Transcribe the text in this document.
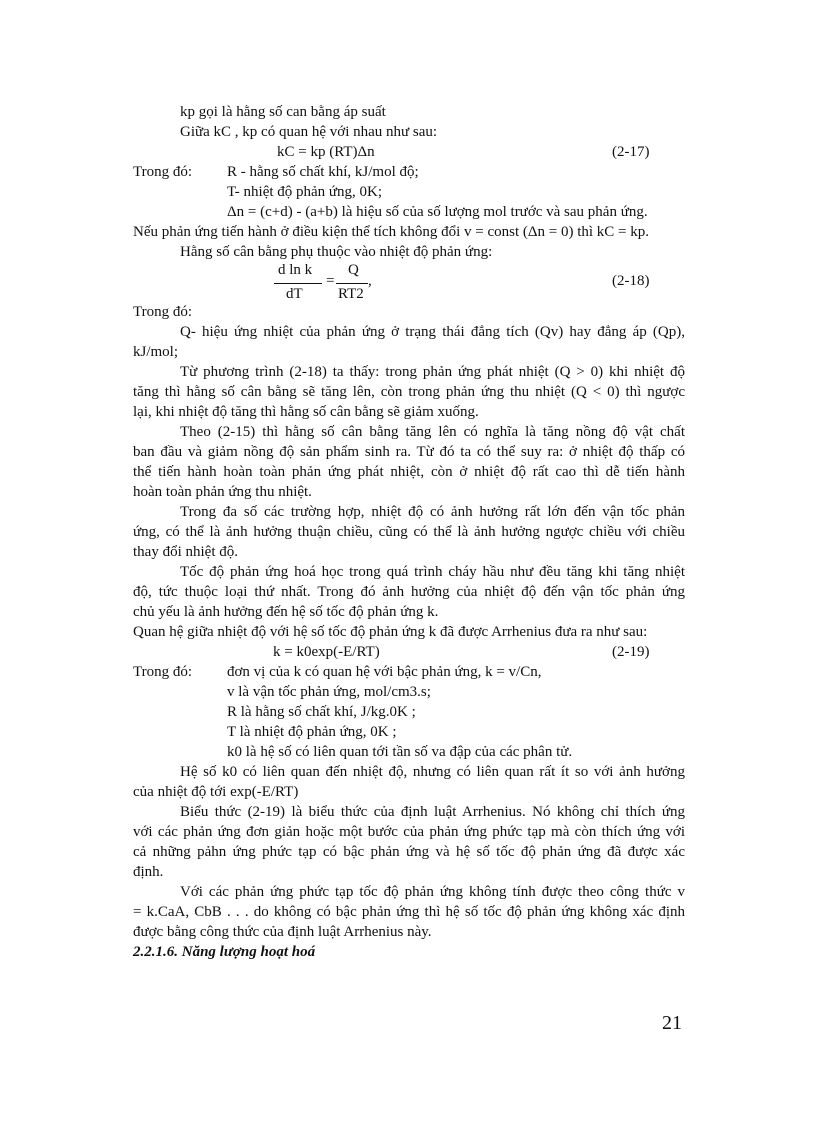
kp gọi là hằng số can bằng áp suất
Giữa kC , kp có quan hệ với nhau như sau:
kC = kp (RT)Δn	(2-17)
Trong đó: R - hằng số chất khí, kJ/mol độ;
T- nhiệt độ phản ứng, 0K;
Δn = (c+d) - (a+b) là hiệu số của số lượng mol trước và sau phản ứng.
Nếu phản ứng tiến hành ở điều kiện thể tích không đổi v = const (Δn = 0) thì kC = kp.
Hằng số cân bằng phụ thuộc vào nhiệt độ phản ứng:
d ln k
dT
=
Q
RT2
,	(2-18)
Trong đó:
Q- hiệu ứng nhiệt của phản ứng ở trạng thái đẳng tích (Qv) hay đẳng áp (Qp),
kJ/mol;
Từ phương trình (2-18) ta thấy: trong phản ứng phát nhiệt (Q > 0) khi nhiệt độ
tăng thì hằng số cân bằng sẽ tăng lên, còn trong phản ứng thu nhiệt (Q < 0) thì ngược
lại, khi nhiệt độ tăng thì hằng số cân bằng sẽ giảm xuống.
Theo (2-15) thì hằng số cân bằng tăng lên có nghĩa là tăng nồng độ vật chất
ban đầu và giảm nồng độ sản phẩm sinh ra. Từ đó ta có thể suy ra: ở nhiệt độ thấp có
thể tiến hành hoàn toàn phản ứng phát nhiệt, còn ở nhiệt độ rất cao thì dễ tiến hành
hoàn toàn phản ứng thu nhiệt.
Trong đa số các trường hợp, nhiệt độ có ảnh hưởng rất lớn đến vận tốc phản
ứng, có thể là ảnh hưởng thuận chiều, cũng có thể là ảnh hưởng ngược chiều với chiều
thay đổi nhiệt độ.
Tốc độ phản ứng hoá học trong quá trình cháy hầu như đều tăng khi tăng nhiệt
độ, tức thuộc loại thứ nhất. Trong đó ảnh hưởng của nhiệt độ đến vận tốc phản ứng
chủ yếu là ảnh hưởng đến hệ số tốc độ phản ứng k.
Quan hệ giữa nhiệt độ với hệ số tốc độ phản ứng k đã được Arrhenius đưa ra như sau:
k = k0exp(-E/RT)	(2-19)
Trong đó: đơn vị của k có quan hệ với bậc phản ứng, k = v/Cn,
v là vận tốc phản ứng, mol/cm3.s;
R là hằng số chất khí, J/kg.0K ;
T là nhiệt độ phản ứng, 0K ;
k0 là hệ số có liên quan tới tần số va đập của các phân tử.
Hệ số k0 có liên quan đến nhiệt độ, nhưng có liên quan rất ít so với ảnh hưởng
của nhiệt độ tới exp(-E/RT)
Biểu thức (2-19) là biểu thức của định luật Arrhenius. Nó không chỉ thích ứng
với các phản ứng đơn giản hoặc một bước của phản ứng phức tạp mà còn thích ứng với
cả những pảhn ứng phức tạp có bậc phản ứng và hệ số tốc độ phản ứng đã được xác
định.
Với các phản ứng phức tạp tốc độ phản ứng không tính được theo công thức v
= k.CaA, CbB . . . do không có bậc phản ứng thì hệ số tốc độ phản ứng không xác định
được bằng công thức của định luật Arrhenius này.
2.2.1.6. Năng lượng hoạt hoá
21
